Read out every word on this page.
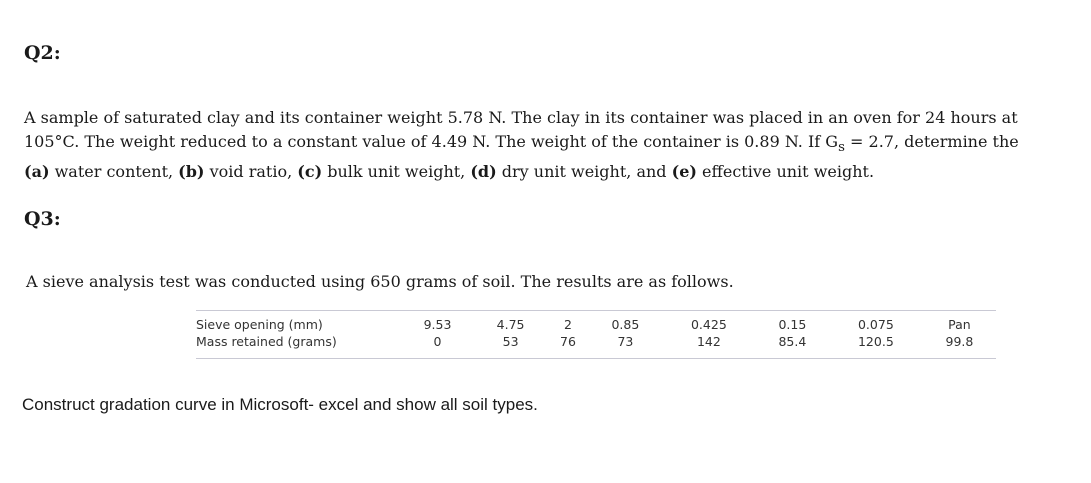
Q2:

A sample of saturated clay and its container weight 5.78 N. The clay in its container was placed in an oven for 24 hours at
105°C. The weight reduced to a constant value of 4.49 N. The weight of the container is 0.89 N. If $G_s = 2.7$, determine the
(a) water content, (b) void ratio, (c) bulk unit weight, (d) dry unit weight, and (e) effective unit weight.

Q3:

A sieve analysis test was conducted using 650 grams of soil. The results are as follows.

Sieve opening (mm)	9.53	4.75	2	0.85	0.425	0.15	0.075	Pan
Mass retained (grams)	0	53	76	73	142	85.4	120.5	99.8

Construct gradation curve in Microsoft- excel and show all soil types.
